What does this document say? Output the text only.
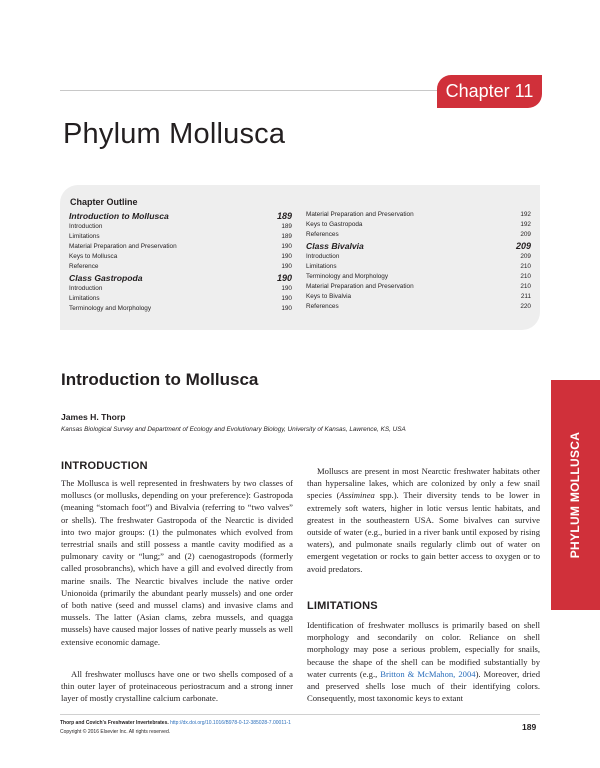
Chapter 11
Phylum Mollusca
Chapter Outline
Introduction to Mollusca	189
Introduction	189
Limitations	189
Material Preparation and Preservation	190
Keys to Mollusca	190
Reference	190
Class Gastropoda	190
Introduction	190
Limitations	190
Terminology and Morphology	190
Material Preparation and Preservation	192
Keys to Gastropoda	192
References	209
Class Bivalvia	209
Introduction	209
Limitations	210
Terminology and Morphology	210
Material Preparation and Preservation	210
Keys to Bivalvia	211
References	220
Introduction to Mollusca
James H. Thorp
Kansas Biological Survey and Department of Ecology and Evolutionary Biology, University of Kansas, Lawrence, KS, USA
PHYLUM MOLLUSCA
INTRODUCTION

The Mollusca is well represented in freshwaters by two classes of molluscs (or mollusks, depending on your preference): Gastropoda (meaning “stomach foot”) and Bivalvia (referring to “two valves” or shells). The freshwater Gastropoda of the Nearctic is divided into two major groups: (1) the pulmonates which evolved from terrestrial snails and still possess a mantle cavity modified as a pulmonary cavity or “lung;” and (2) caenogastropods (formerly called prosobranchs), which have a gill and evolved directly from marine snails. The Nearctic bivalves include the native order Unionoida (primarily the abundant pearly mussels) and one order of both native (seed and mussel clams) and invasive clams and mussels. The latter (Asian clams, zebra mussels, and quagga mussels) have caused major losses of native pearly mussels as well extensive economic damage.

All freshwater molluscs have one or two shells composed of a thin outer layer of proteinaceous periostracum and a strong inner layer of mostly crystalline calcium carbonate.

Molluscs are present in most Nearctic freshwater habitats other than hypersaline lakes, which are colonized by only a few snail species (Assiminea spp.). Their diversity tends to be lower in extremely soft waters, higher in lotic versus lentic habitats, and greatest in the southeastern USA. Some bivalves can survive outside of water (e.g., buried in a river bank until exposed by rising waters), and pulmonate snails regularly climb out of water on emergent vegetation or rocks to gain better access to oxygen or to avoid predators.

LIMITATIONS

Identification of freshwater molluscs is primarily based on shell morphology and secondarily on color. Reliance on shell morphology may pose a serious problem, especially for snails, because the shape of the shell can be modified substantially by water currents (e.g., Britton & McMahon, 2004). Moreover, dried and preserved shells lose much of their identifying colors. Consequently, most taxonomic keys to extant

Thorp and Covich’s Freshwater Invertebrates. http://dx.doi.org/10.1016/B978-0-12-385028-7.00011-1
Copyright © 2016 Elsevier Inc. All rights reserved.	189
